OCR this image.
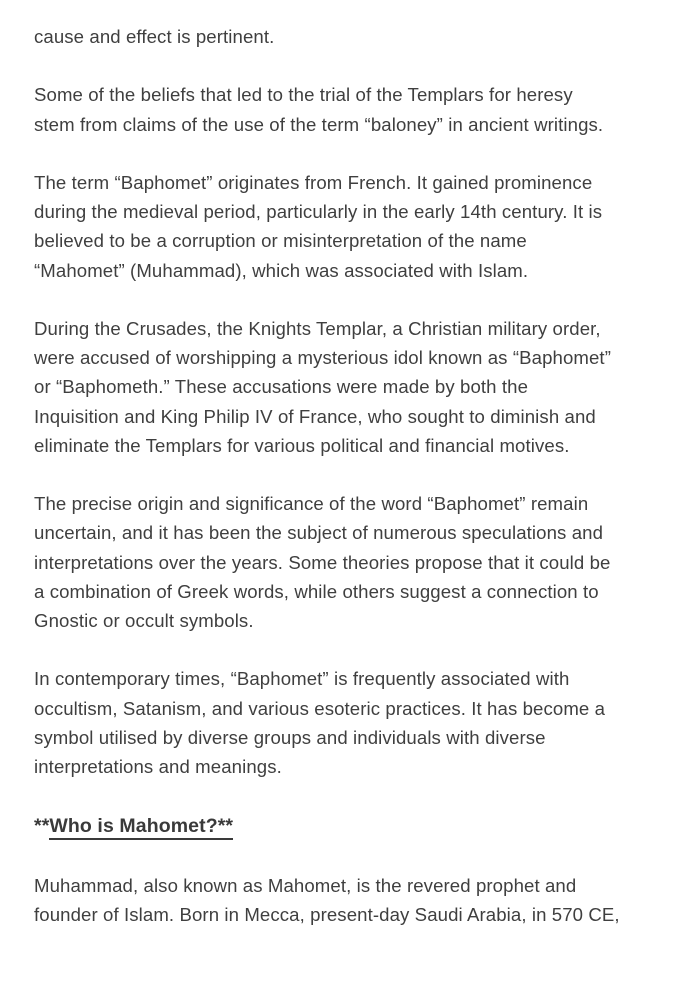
cause and effect is pertinent.

Some of the beliefs that led to the trial of the Templars for heresy
stem from claims of the use of the term “baloney” in ancient writings.

The term “Baphomet” originates from French. It gained prominence
during the medieval period, particularly in the early 14th century. It is
believed to be a corruption or misinterpretation of the name
“Mahomet” (Muhammad), which was associated with Islam.

During the Crusades, the Knights Templar, a Christian military order,
were accused of worshipping a mysterious idol known as “Baphomet”
or “Baphometh.” These accusations were made by both the
Inquisition and King Philip IV of France, who sought to diminish and
eliminate the Templars for various political and financial motives.

The precise origin and significance of the word “Baphomet” remain
uncertain, and it has been the subject of numerous speculations and
interpretations over the years. Some theories propose that it could be
a combination of Greek words, while others suggest a connection to
Gnostic or occult symbols.

In contemporary times, “Baphomet” is frequently associated with
occultism, Satanism, and various esoteric practices. It has become a
symbol utilised by diverse groups and individuals with diverse
interpretations and meanings.

**Who is Mahomet?**

Muhammad, also known as Mahomet, is the revered prophet and
founder of Islam. Born in Mecca, present-day Saudi Arabia, in 570 CE,
